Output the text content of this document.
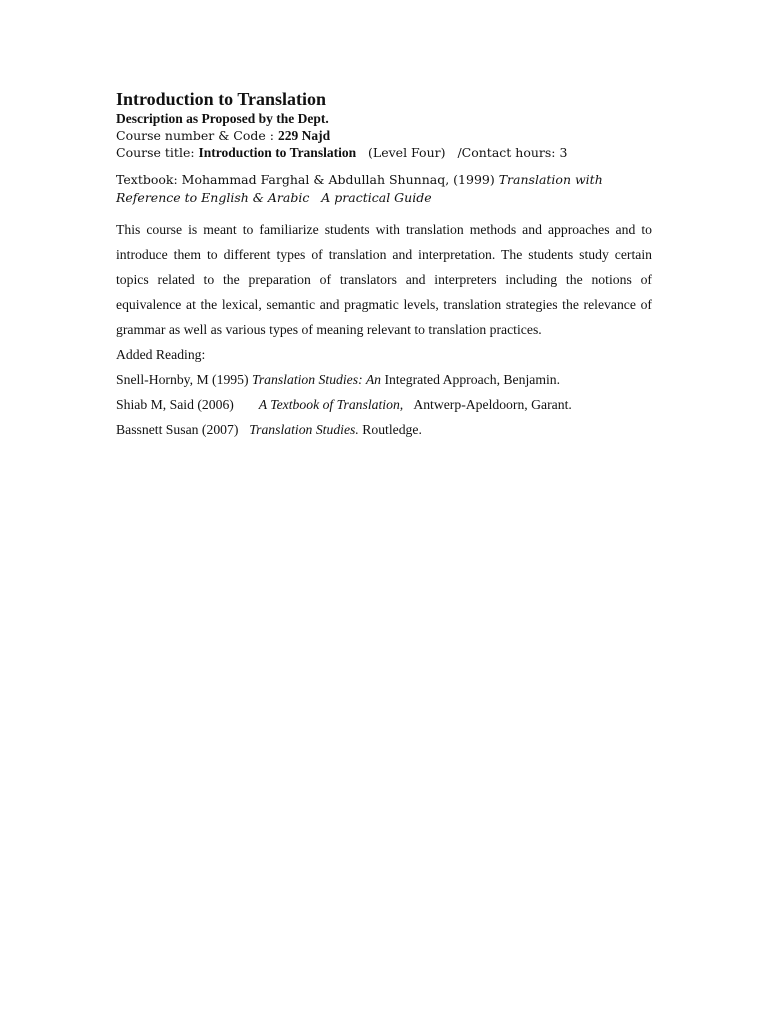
Introduction to Translation

Description as Proposed by the Dept.

Course number & Code : 229 Najd

Course title: Introduction to Translation (Level Four) /Contact hours: 3

Textbook: Mohammad Farghal & Abdullah Shunnaq, (1999) Translation with
Reference to English & Arabic A practical Guide

This course is meant to familiarize students with translation methods and approaches and to introduce them to different types of translation and interpretation. The students study certain topics related to the preparation of translators and interpreters including the notions of equivalence at the lexical, semantic and pragmatic levels, translation strategies the relevance of grammar as well as various types of meaning relevant to translation practices.

Added Reading:

Snell-Hornby, M (1995) Translation Studies: An Integrated Approach, Benjamin.

Shiab M, Said (2006) A Textbook of Translation, Antwerp-Apeldoorn, Garant.

Bassnett Susan (2007) Translation Studies. Routledge.
